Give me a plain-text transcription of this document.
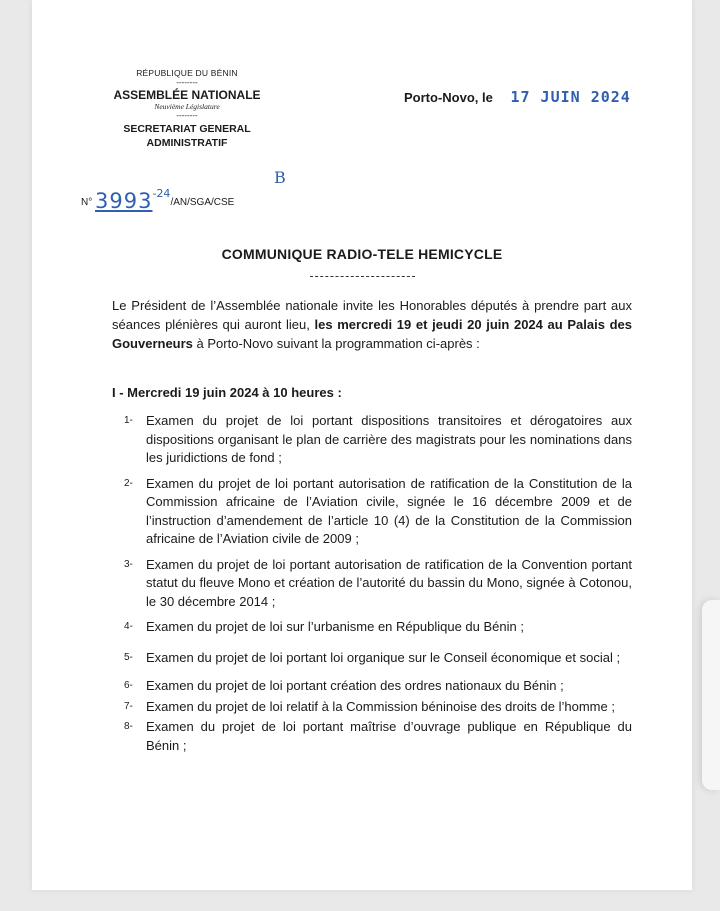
RÉPUBLIQUE DU BÉNIN
--------
ASSEMBLÉE NATIONALE
Neuvième Législature
--------
SECRETARIAT GENERAL
ADMINISTRATIF
N° 3993-24/AN/SGA/CSE
B
Porto-Novo, le 17 JUIN 2024
COMMUNIQUE RADIO-TELE HEMICYCLE
Le Président de l’Assemblée nationale invite les Honorables députés à prendre part aux séances plénières qui auront lieu, les mercredi 19 et jeudi 20 juin 2024 au Palais des Gouverneurs à Porto-Novo suivant la programmation ci-après :
I - Mercredi 19 juin 2024 à 10 heures :
1- Examen du projet de loi portant dispositions transitoires et dérogatoires aux dispositions organisant le plan de carrière des magistrats pour les nominations dans les juridictions de fond ;
2- Examen du projet de loi portant autorisation de ratification de la Constitution de la Commission africaine de l’Aviation civile, signée le 16 décembre 2009 et de l’instruction d’amendement de l’article 10 (4) de la Constitution de la Commission africaine de l’Aviation civile de 2009 ;
3- Examen du projet de loi portant autorisation de ratification de la Convention portant statut du fleuve Mono et création de l’autorité du bassin du Mono, signée à Cotonou, le 30 décembre 2014 ;
4- Examen du projet de loi sur l’urbanisme en République du Bénin ;
5- Examen du projet de loi portant loi organique sur le Conseil économique et social ;
6- Examen du projet de loi portant création des ordres nationaux du Bénin ;
7- Examen du projet de loi relatif à la Commission béninoise des droits de l’homme ;
8- Examen du projet de loi portant maîtrise d’ouvrage publique en République du Bénin ;
